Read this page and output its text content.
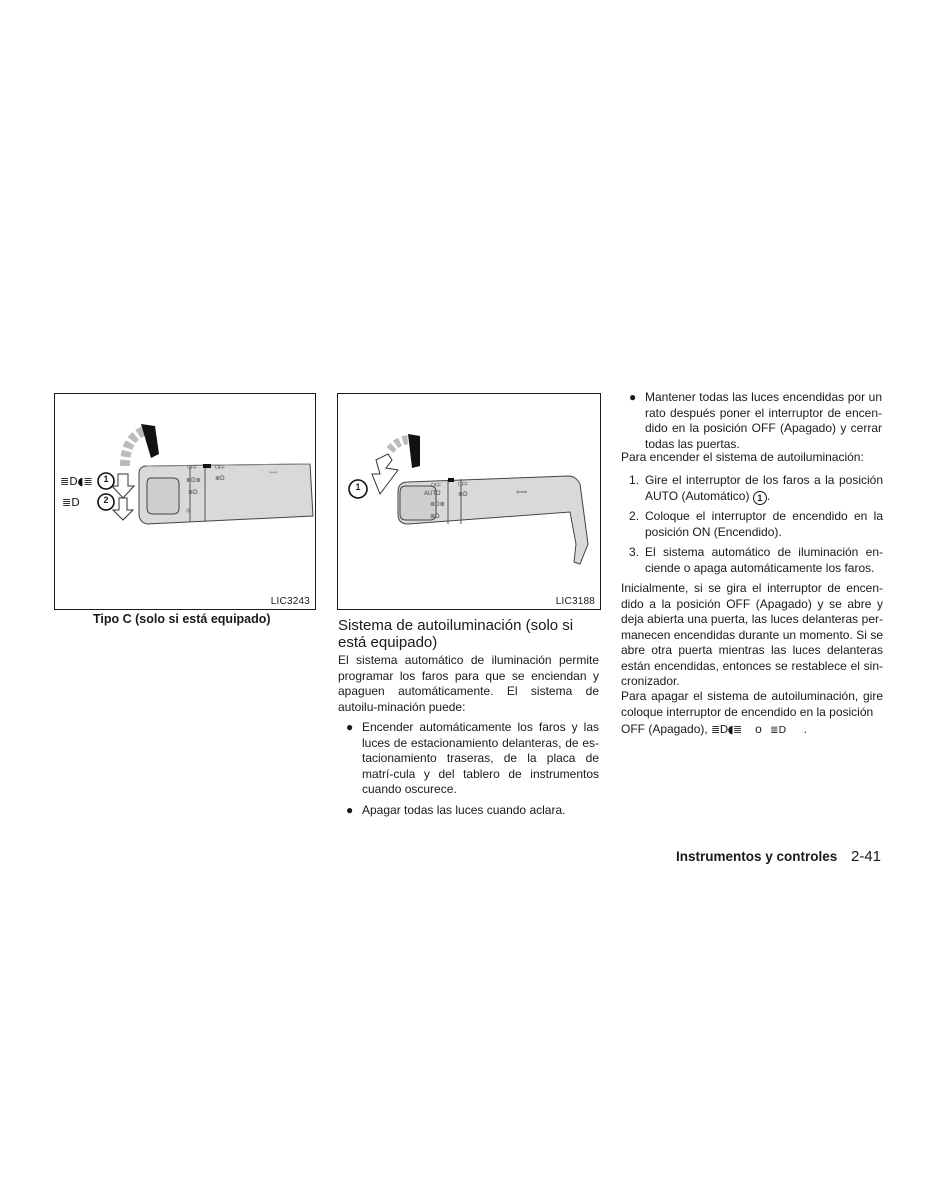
OFF	OFF
≣D≣ ≣D
≣D
☼
⇦⇨
≣D◖≣
≣D
1
2
LIC3243
Tipo C (solo si está equipado)
OFF	OFF
AUTO
≣D≣
≣D
≣D
⇦⇨
1
LIC3188
Sistema de autoiluminación (solo si
está equipado)

El sistema automático de iluminación permite programar los faros para que se enciendan y apaguen automáticamente. El sistema de autoilu-minación puede:

● Encender automáticamente los faros y las luces de estacionamiento delanteras, de es-tacionamiento traseras, de la placa de matrí-cula y del tablero de instrumentos cuando oscurece.

● Apagar todas las luces cuando aclara.

● Mantener todas las luces encendidas por un rato después poner el interruptor de encen-dido en la posición OFF (Apagado) y cerrar todas las puertas.

Para encender el sistema de autoiluminación:

1. Gire el interruptor de los faros a la posición AUTO (Automático) 1 .

2. Coloque el interruptor de encendido en la posición ON (Encendido).

3. El sistema automático de iluminación en-ciende o apaga automáticamente los faros.

Inicialmente, si se gira el interruptor de encen-dido a la posición OFF (Apagado) y se abre y deja abierta una puerta, las luces delanteras per-manecen encendidas durante un momento. Si se abre otra puerta mientras las luces delanteras están encendidas, entonces se restablece el sin-cronizador.

Para apagar el sistema de autoiluminación, gire coloque interruptor de encendido en la posición

OFF (Apagado), ≣D◖≣ o ≣D .
Instrumentos y controles 2-41
